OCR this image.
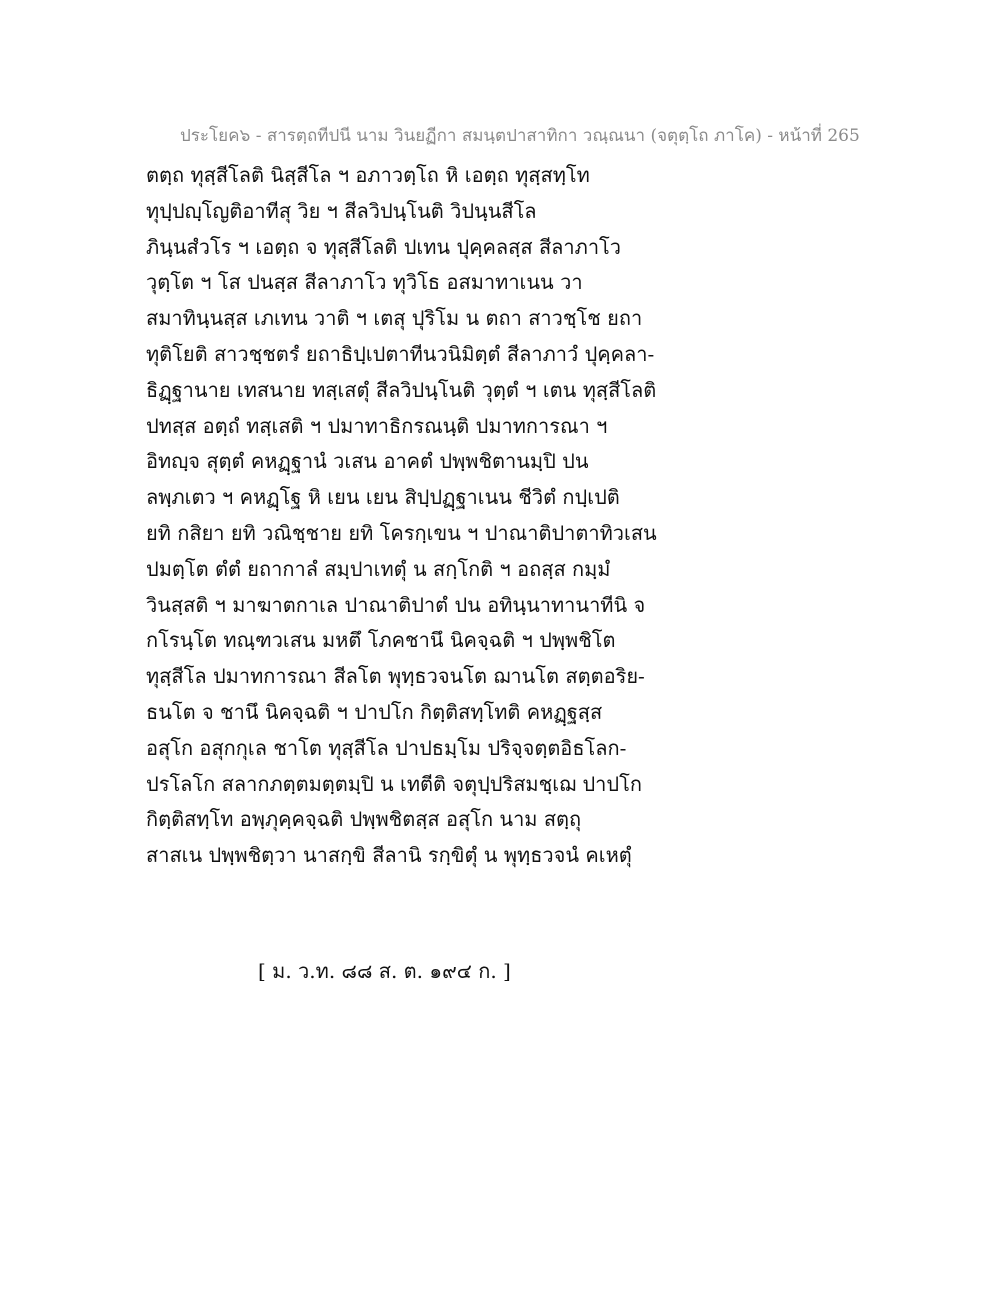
ประโยค๖ - สารตฺถทีปนี นาม วินยฏีกา สมนฺตปาสาทิกา วณฺณนา (จตุตฺโถ ภาโค) - หน้าที่ 265
ตตฺถ ทุสฺสีโลติ นิสฺสีโล ฯ อภาวตฺโถ หิ เอตฺถ ทุสฺสทฺโท
ทุปฺปญฺโญติอาทีสุ วิย ฯ สีลวิปนฺโนติ วิปนฺนสีโล
ภินฺนสํวโร ฯ เอตฺถ จ ทุสฺสีโลติ ปเทน ปุคฺคลสฺส สีลาภาโว
วุตฺโต ฯ โส ปนสฺส สีลาภาโว ทุวิโธ อสมาทาเนน วา
สมาทินฺนสฺส เภเทน วาติ ฯ เตสุ ปุริโม น ตถา สาวชฺโช ยถา
ทุติโยติ สาวชฺชตรํ ยถาธิปฺเปตาทีนวนิมิตฺตํ สีลาภาวํ ปุคฺคลา-
ธิฏฺฐานาย เทสนาย ทสฺเสตุํ สีลวิปนฺโนติ วุตฺตํ ฯ เตน ทุสฺสีโลติ
ปทสฺส อตฺถํ ทสฺเสติ ฯ ปมาทาธิกรณนฺติ ปมาทการณา ฯ
อิทญฺจ สุตฺตํ คหฏฺฐานํ วเสน อาคตํ ปพฺพชิตานมฺปิ ปน
ลพฺภเตว ฯ คหฏฺโฐ หิ เยน เยน สิปฺปฏฺฐาเนน ชีวิตํ กปฺเปติ
ยทิ กสิยา ยทิ วณิชฺชาย ยทิ โครกฺเขน ฯ ปาณาติปาตาทิวเสน
ปมตฺโต ตํตํ ยถากาลํ สมฺปาเทตุํ น สกฺโกติ ฯ อถสฺส กมฺมํ
วินสฺสติ ฯ มาฆาตกาเล ปาณาติปาตํ ปน อทินฺนาทานาทีนิ จ
กโรนฺโต ทณฺฑวเสน มหตึ โภคชานึ นิคจฺฉติ ฯ ปพฺพชิโต
ทุสฺสีโล ปมาทการณา สีลโต พุทฺธวจนโต ฌานโต สตฺตอริย-
ธนโต จ ชานึ นิคจฺฉติ ฯ ปาปโก กิตฺติสทฺโทติ คหฏฺฐสฺส
อสุโก อสุกกุเล ชาโต ทุสฺสีโล ปาปธมฺโม ปริจฺจตฺตอิธโลก-
ปรโลโก สลากภตฺตมตฺตมฺปิ น เทตีติ จตุปฺปริสมชฺเฌ ปาปโก
กิตฺติสทฺโท อพฺภุคฺคจฺฉติ ปพฺพชิตสฺส อสุโก นาม สตฺถุ
สาสเน ปพฺพชิตฺวา นาสกฺขิ สีลานิ รกฺขิตุํ น พุทฺธวจนํ คเหตุํ
[ ม. ว.ท. ๘๘ ส. ต. ๑๙๔ ก. ]
